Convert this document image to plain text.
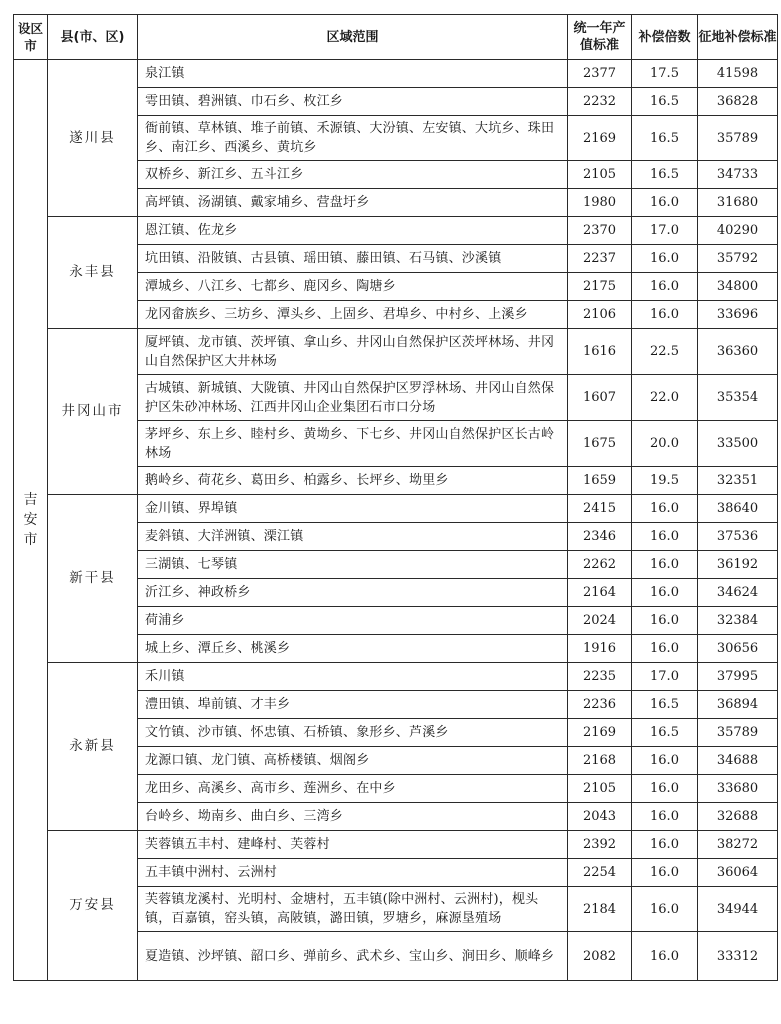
设区市	县(市、区)	区域范围	统一年产值标准	补偿倍数	征地补偿标准
吉安市	遂川县	泉江镇	2377	17.5	41598
		雩田镇、碧洲镇、巾石乡、枚江乡	2232	16.5	36828
		衙前镇、草林镇、堆子前镇、禾源镇、大汾镇、左安镇、大坑乡、珠田乡、南江乡、西溪乡、黄坑乡	2169	16.5	35789
		双桥乡、新江乡、五斗江乡	2105	16.5	34733
		高坪镇、汤湖镇、戴家埔乡、营盘圩乡	1980	16.0	31680
	永丰县	恩江镇、佐龙乡	2370	17.0	40290
		坑田镇、沿陂镇、古县镇、瑶田镇、藤田镇、石马镇、沙溪镇	2237	16.0	35792
		潭城乡、八江乡、七都乡、鹿冈乡、陶塘乡	2175	16.0	34800
		龙冈畲族乡、三坊乡、潭头乡、上固乡、君埠乡、中村乡、上溪乡	2106	16.0	33696
	井冈山市	厦坪镇、龙市镇、茨坪镇、拿山乡、井冈山自然保护区茨坪林场、井冈山自然保护区大井林场	1616	22.5	36360
		古城镇、新城镇、大陇镇、井冈山自然保护区罗浮林场、井冈山自然保护区朱砂冲林场、江西井冈山企业集团石市口分场	1607	22.0	35354
		茅坪乡、东上乡、睦村乡、黄坳乡、下七乡、井冈山自然保护区长古岭林场	1675	20.0	33500
		鹅岭乡、荷花乡、葛田乡、柏露乡、长坪乡、坳里乡	1659	19.5	32351
	新干县	金川镇、界埠镇	2415	16.0	38640
		麦斜镇、大洋洲镇、溧江镇	2346	16.0	37536
		三湖镇、七琴镇	2262	16.0	36192
		沂江乡、神政桥乡	2164	16.0	34624
		荷浦乡	2024	16.0	32384
		城上乡、潭丘乡、桃溪乡	1916	16.0	30656
	永新县	禾川镇	2235	17.0	37995
		澧田镇、埠前镇、才丰乡	2236	16.5	36894
		文竹镇、沙市镇、怀忠镇、石桥镇、象形乡、芦溪乡	2169	16.5	35789
		龙源口镇、龙门镇、高桥楼镇、烟阁乡	2168	16.0	34688
		龙田乡、高溪乡、高市乡、莲洲乡、在中乡	2105	16.0	33680
		台岭乡、坳南乡、曲白乡、三湾乡	2043	16.0	32688
	万安县	芙蓉镇五丰村、建峰村、芙蓉村	2392	16.0	38272
		五丰镇中洲村、云洲村	2254	16.0	36064
		芙蓉镇龙溪村、光明村、金塘村，五丰镇(除中洲村、云洲村)，枧头镇，百嘉镇，窑头镇，高陂镇，潞田镇，罗塘乡，麻源垦殖场	2184	16.0	34944
		夏造镇、沙坪镇、韶口乡、弹前乡、武术乡、宝山乡、涧田乡、顺峰乡	2082	16.0	33312
